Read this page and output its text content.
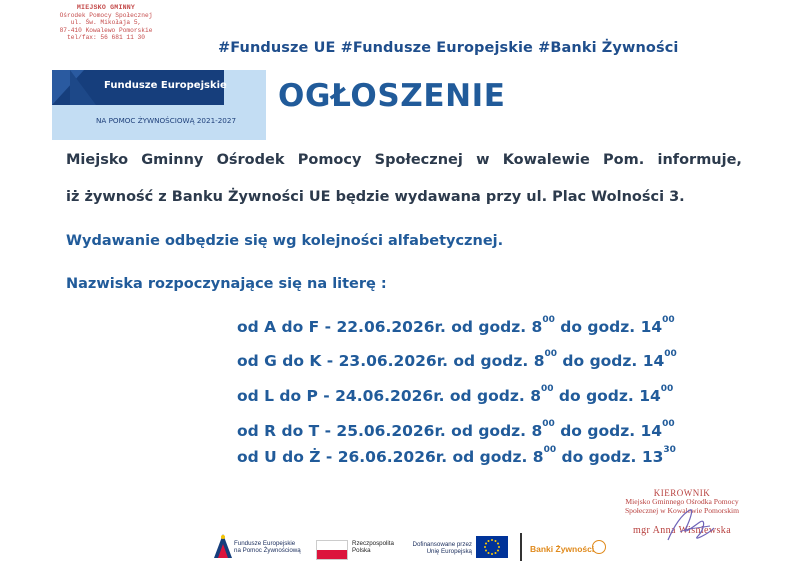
MIEJSKO GMINNY
Ośrodek Pomocy Społecznej
ul. Św. Mikołaja 5,
87-410 Kowalewo Pomorskie
tel/fax: 56 681 11 30
#Fundusze UE #Fundusze Europejskie #Banki Żywności
Fundusze Europejskie
NA POMOC ŻYWNOŚCIOWĄ 2021-2027
OGŁOSZENIE
Miejsko Gminny Ośrodek Pomocy Społecznej w Kowalewie Pom. informuje,
iż żywność z Banku Żywności UE będzie wydawana przy ul. Plac Wolności 3.
Wydawanie odbędzie się wg kolejności alfabetycznej.
Nazwiska rozpoczynające się na literę :
od A do F - 22.06.2026r. od godz. $8^{00}$ do godz. $14^{00}$
od G do K - 23.06.2026r. od godz. $8^{00}$ do godz. $14^{00}$
od L do P - 24.06.2026r. od godz. $8^{00}$ do godz. $14^{00}$
od R do T - 25.06.2026r. od godz. $8^{00}$ do godz. $14^{00}$
od U do Ż - 26.06.2026r. od godz. $8^{00}$ do godz. $13^{30}$
KIEROWNIK
Miejsko Gminnego Ośrodka Pomocy
Społecznej w Kowalewie Pomorskim
mgr Anna Wiśniewska
Fundusze Europejskie
na Pomoc Żywnościową
Rzeczpospolita
Polska
Dofinansowane przez
Unię Europejską	Banki Żywności
